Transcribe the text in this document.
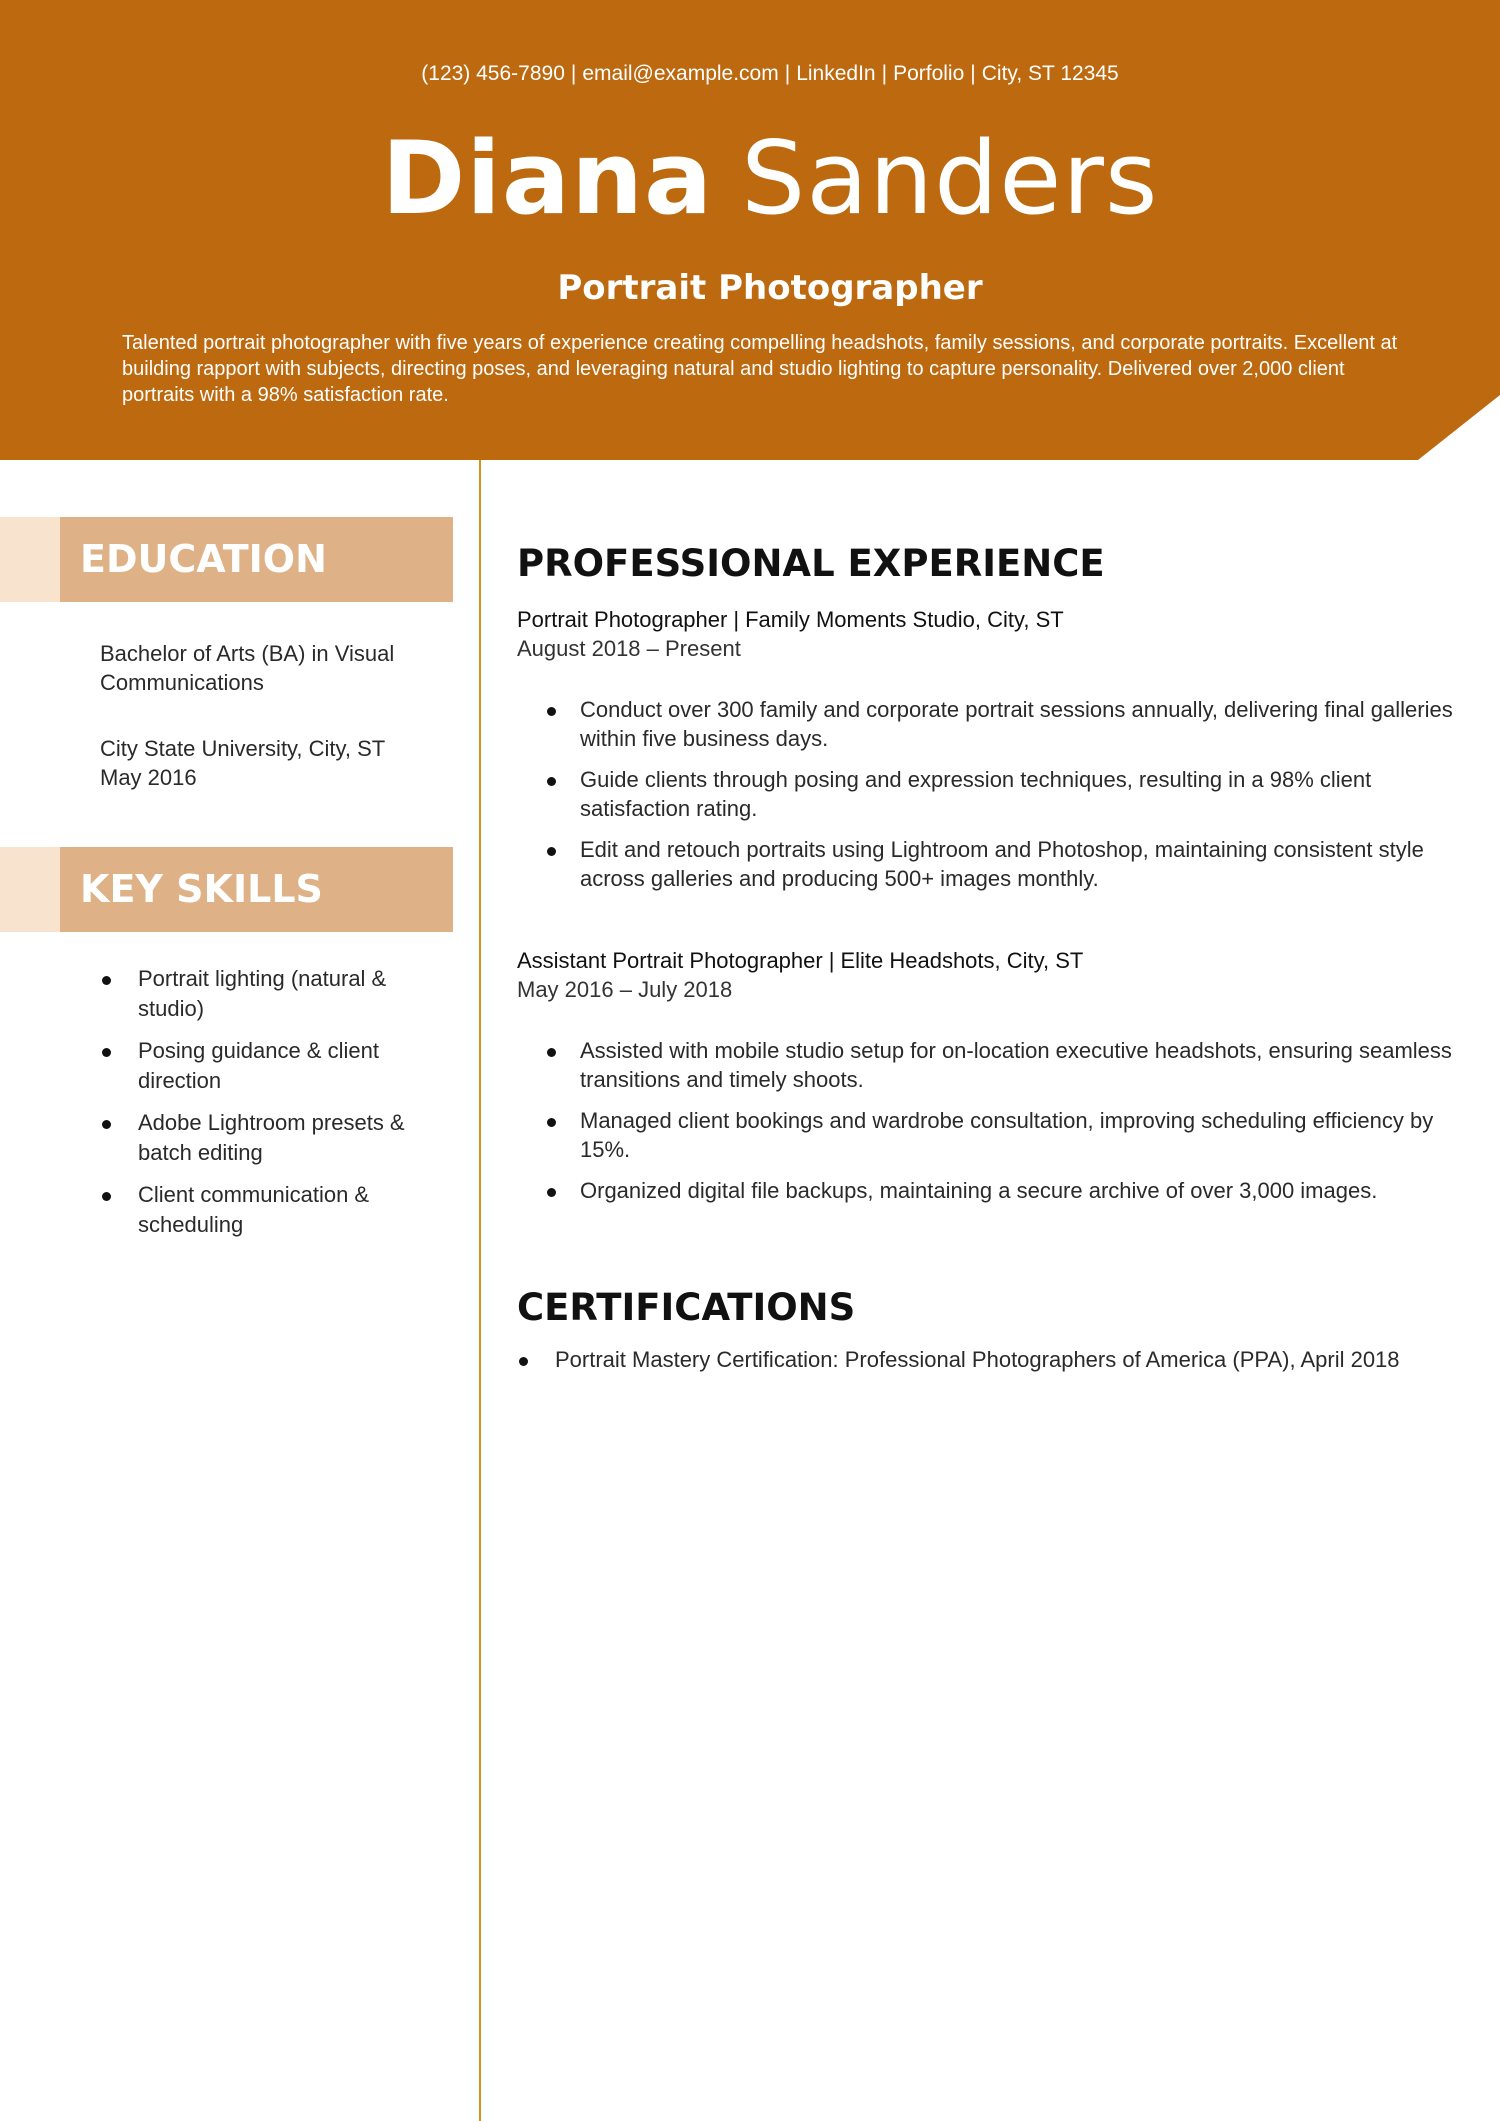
(123) 456-7890 | email@example.com | LinkedIn | Porfolio | City, ST 12345
Diana Sanders
Portrait Photographer
Talented portrait photographer with five years of experience creating compelling headshots, family sessions, and corporate portraits. Excellent at building rapport with subjects, directing poses, and leveraging natural and studio lighting to capture personality. Delivered over 2,000 client portraits with a 98% satisfaction rate.
EDUCATION
Bachelor of Arts (BA) in Visual Communications
City State University, City, ST
May 2016
KEY SKILLS
Portrait lighting (natural & studio)
Posing guidance & client direction
Adobe Lightroom presets & batch editing
Client communication & scheduling
PROFESSIONAL EXPERIENCE
Portrait Photographer | Family Moments Studio, City, ST
August 2018 – Present
Conduct over 300 family and corporate portrait sessions annually, delivering final galleries within five business days.
Guide clients through posing and expression techniques, resulting in a 98% client satisfaction rating.
Edit and retouch portraits using Lightroom and Photoshop, maintaining consistent style across galleries and producing 500+ images monthly.
Assistant Portrait Photographer | Elite Headshots, City, ST
May 2016 – July 2018
Assisted with mobile studio setup for on-location executive headshots, ensuring seamless transitions and timely shoots.
Managed client bookings and wardrobe consultation, improving scheduling efficiency by 15%.
Organized digital file backups, maintaining a secure archive of over 3,000 images.
CERTIFICATIONS
Portrait Mastery Certification: Professional Photographers of America (PPA), April 2018
